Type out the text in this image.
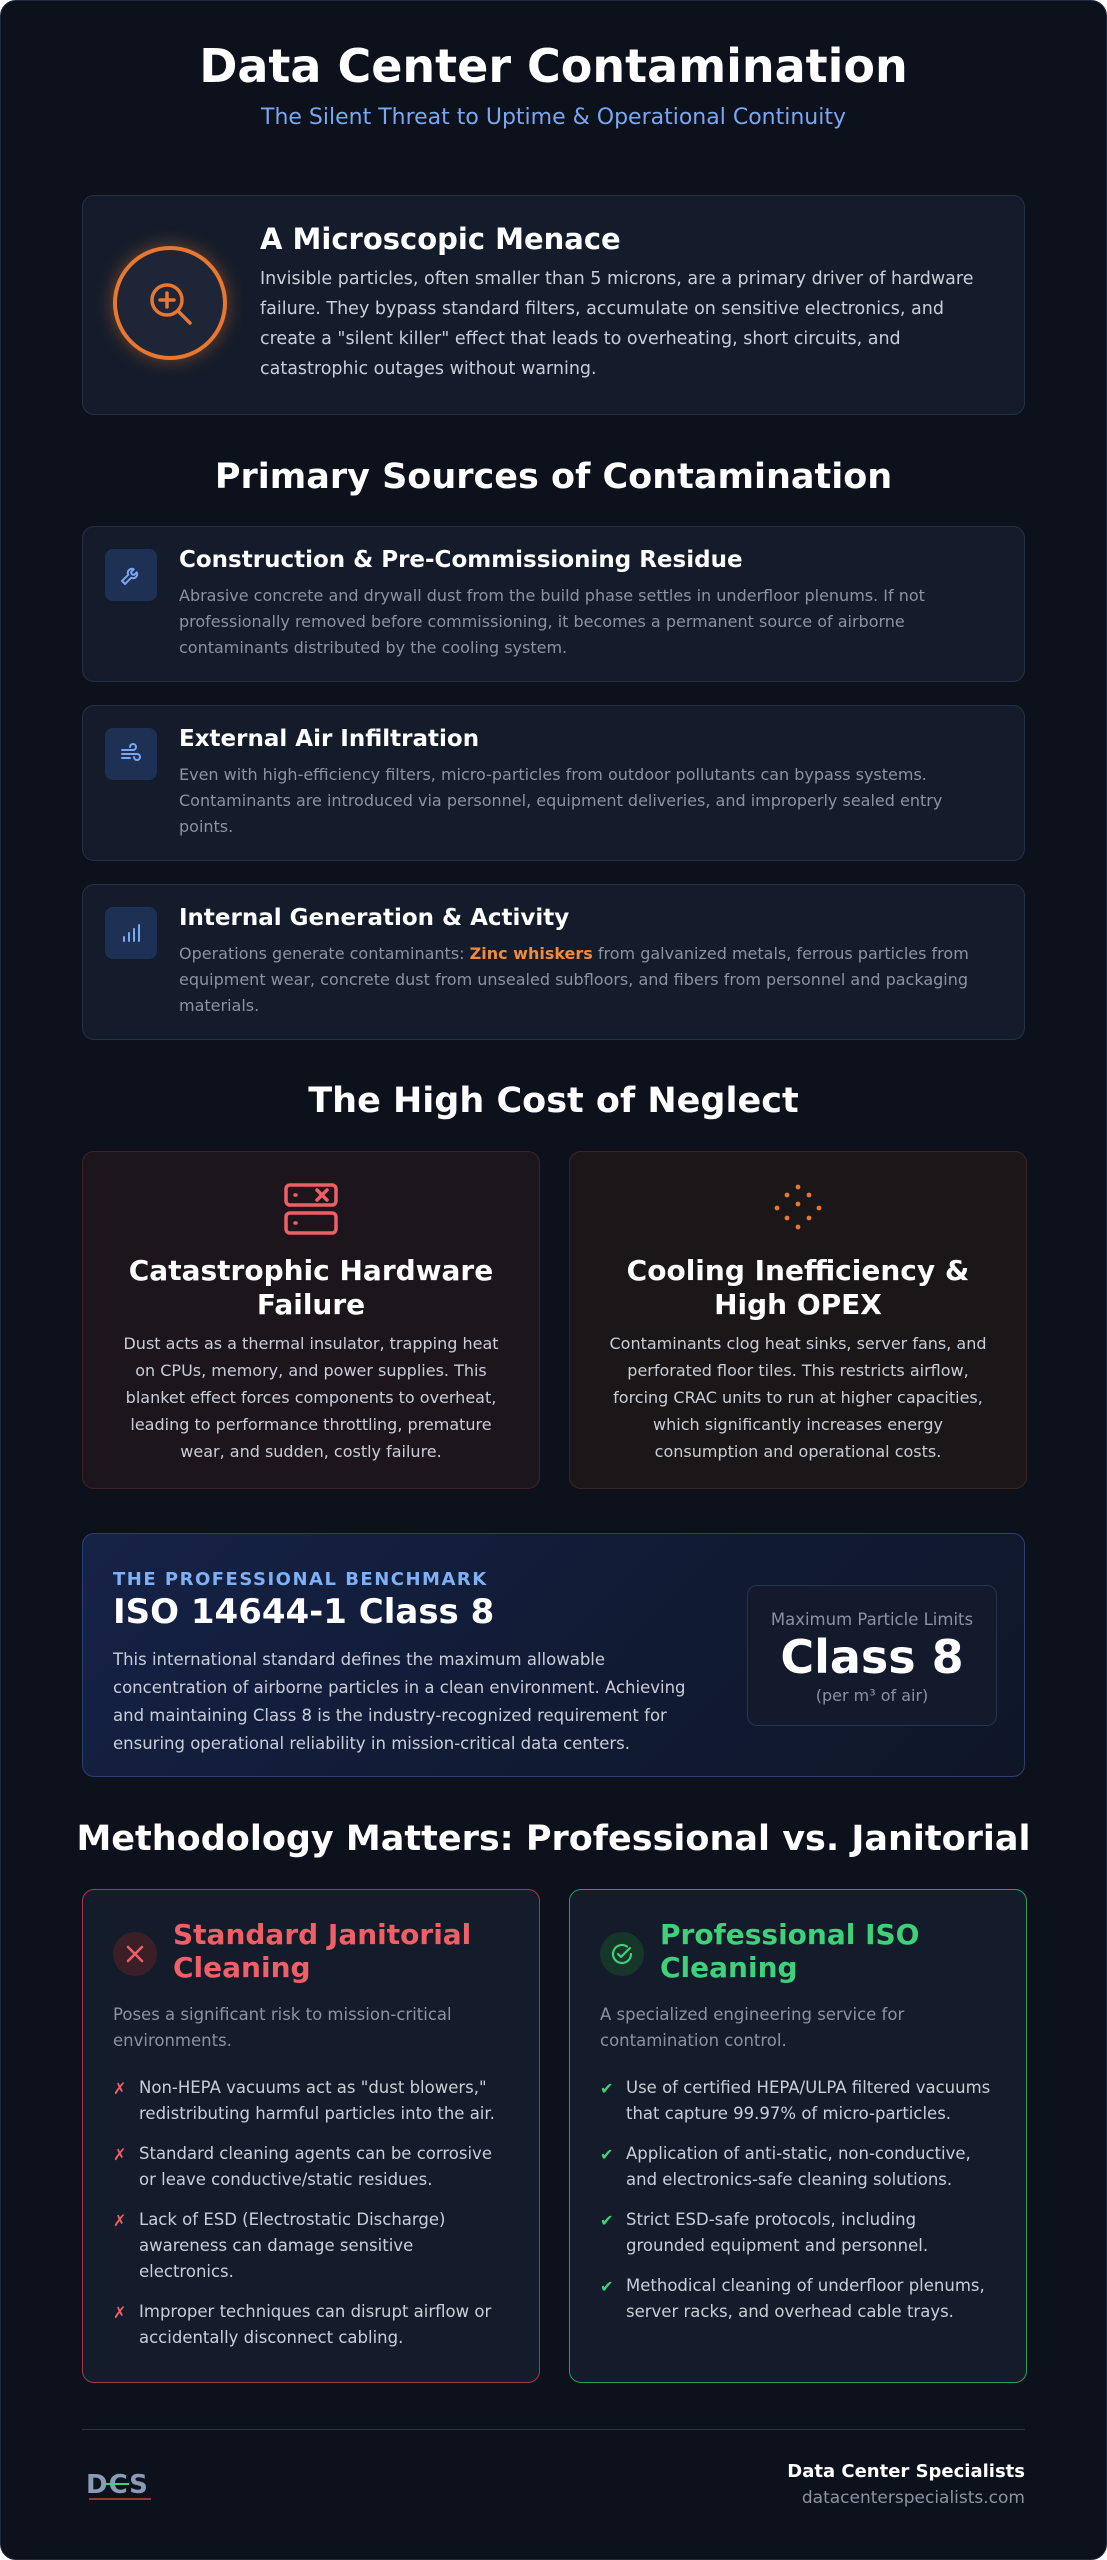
Data Center Contamination

The Silent Threat to Uptime & Operational Continuity

A Microscopic Menace

Invisible particles, often smaller than 5 microns, are a primary driver of hardware failure. They bypass standard filters, accumulate on sensitive electronics, and create a "silent killer" effect that leads to overheating, short circuits, and catastrophic outages without warning.

Primary Sources of Contamination
Construction & Pre-Commissioning Residue

Abrasive concrete and drywall dust from the build phase settles in underfloor plenums. If not professionally removed before commissioning, it becomes a permanent source of airborne contaminants distributed by the cooling system.

External Air Infiltration

Even with high-efficiency filters, micro-particles from outdoor pollutants can bypass systems. Contaminants are introduced via personnel, equipment deliveries, and improperly sealed entry points.

Internal Generation & Activity

Operations generate contaminants: Zinc whiskers from galvanized metals, ferrous particles from equipment wear, concrete dust from unsealed subfloors, and fibers from personnel and packaging materials.

The High Cost of Neglect
Catastrophic Hardware Failure

Dust acts as a thermal insulator, trapping heat on CPUs, memory, and power supplies. This blanket effect forces components to overheat, leading to performance throttling, premature wear, and sudden, costly failure.

Cooling Inefficiency & High OPEX

Contaminants clog heat sinks, server fans, and perforated floor tiles. This restricts airflow, forcing CRAC units to run at higher capacities, which significantly increases energy consumption and operational costs.

THE PROFESSIONAL BENCHMARK

ISO 14644-1 Class 8

This international standard defines the maximum allowable concentration of airborne particles in a clean environment. Achieving and maintaining Class 8 is the industry-recognized requirement for ensuring operational reliability in mission-critical data centers.

Maximum Particle Limits
Class 8
(per m³ of air)
Methodology Matters: Professional vs. Janitorial
Standard Janitorial Cleaning

Poses a significant risk to mission-critical environments.

✗ Non-HEPA vacuums act as "dust blowers," redistributing harmful particles into the air.
✗ Standard cleaning agents can be corrosive or leave conductive/static residues.
✗ Lack of ESD (Electrostatic Discharge) awareness can damage sensitive electronics.
✗ Improper techniques can disrupt airflow or accidentally disconnect cabling.
Professional ISO Cleaning

A specialized engineering service for contamination control.

✔ Use of certified HEPA/ULPA filtered vacuums that capture 99.97% of micro-particles.
✔ Application of anti-static, non-conductive, and electronics-safe cleaning solutions.
✔ Strict ESD-safe protocols, including grounded equipment and personnel.
✔ Methodical cleaning of underfloor plenums, server racks, and overhead cable trays.
DCS	Data Center Specialists
datacenterspecialists.com
